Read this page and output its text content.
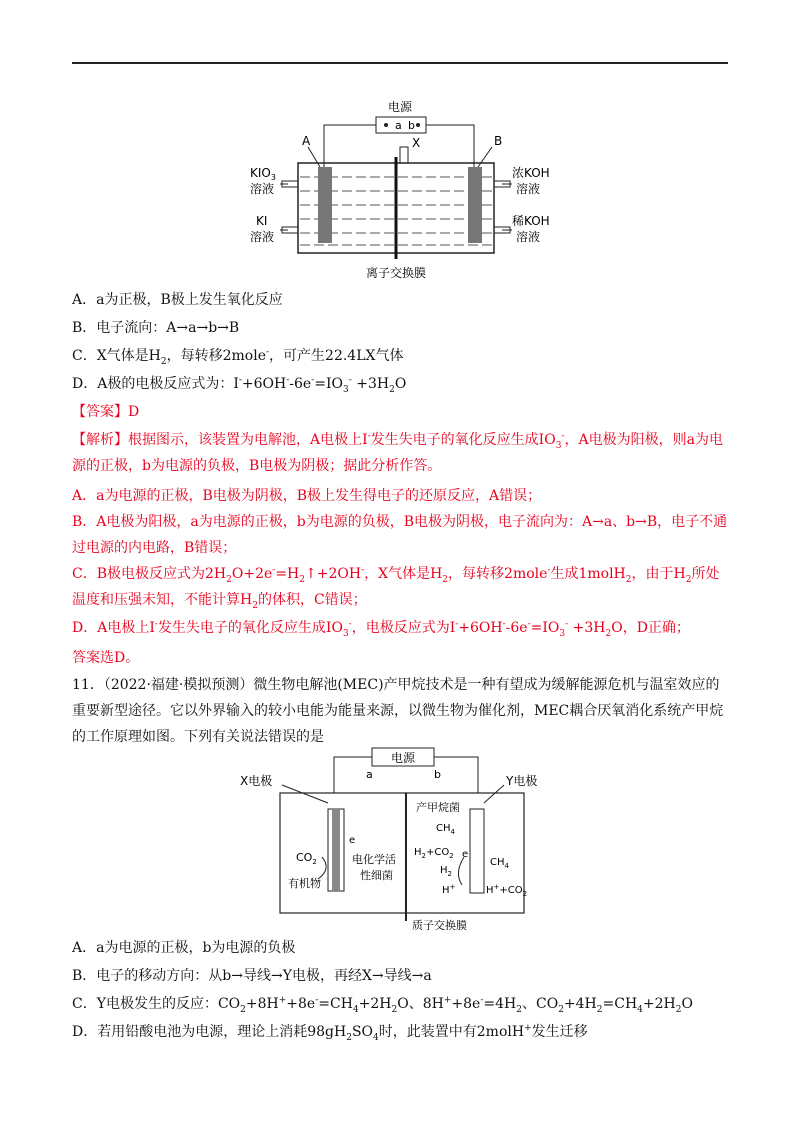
电源
a b
A	B
X
$KIO_3$
溶液
KI
溶液
浓KOH
溶液
稀KOH
溶液
离子交换膜
A．a为正极，B极上发生氧化反应
B．电子流向：A→a→b→B
C．X气体是$H_2$，每转移2mole-，可产生22.4LX气体
D．A极的电极反应式为：$I^-+6OH^--6e^-=IO_3^- +3H_2O$
【答案】D
【解析】根据图示，该装置为电解池，A电极上I-发生失电子的氧化反应生成$IO_3^-$，A电极为阳极，则a为电源的正极，b为电源的负极，B电极为阴极；据此分析作答。
A．a为电源的正极，B电极为阴极，B极上发生得电子的还原反应，A错误；
B．A电极为阳极，a为电源的正极，b为电源的负极，B电极为阴极，电子流向为：A→a、b→B，电子不通过电源的内电路，B错误；
C．B极电极反应式为$2H_2O+2e^-=H_2↑+2OH^-$，X气体是$H_2$，每转移2mole-生成1molH$_2$，由于$H_2$所处温度和压强未知，不能计算$H_2$的体积，C错误；
D．A电极上I-发生失电子的氧化反应生成$IO_3^-$，电极反应式为$I^-+6OH^--6e^-=IO_3^- +3H_2O$，D正确；
答案选D。
11．（2022·福建·模拟预测）微生物电解池(MEC)产甲烷技术是一种有望成为缓解能源危机与温室效应的重要新型途径。它以外界输入的较小电能为能量来源，以微生物为催化剂，MEC耦合厌氧消化系统产甲烷的工作原理如图。下列有关说法错误的是
电源
a	b
X电极	Y电极
e
$CO_2$
有机物
电化学活
性细菌
产甲烷菌
$CH_4$
$H_2+CO_2$
$H_2$
e
$CH_4$
H+	$H^++CO_2$
质子交换膜
A．a为电源的正极，b为电源的负极
B．电子的移动方向：从b→导线→Y电极，再经X→导线→a
C．Y电极发生的反应：$CO_2+8H^++8e^-=CH_4+2H_2O$、$8H^++8e^-=4H_2$、$CO_2+4H_2=CH_4+2H_2O$
D．若用铅酸电池为电源，理论上消耗$98gH_2SO_4$时，此装置中有2molH+发生迁移
